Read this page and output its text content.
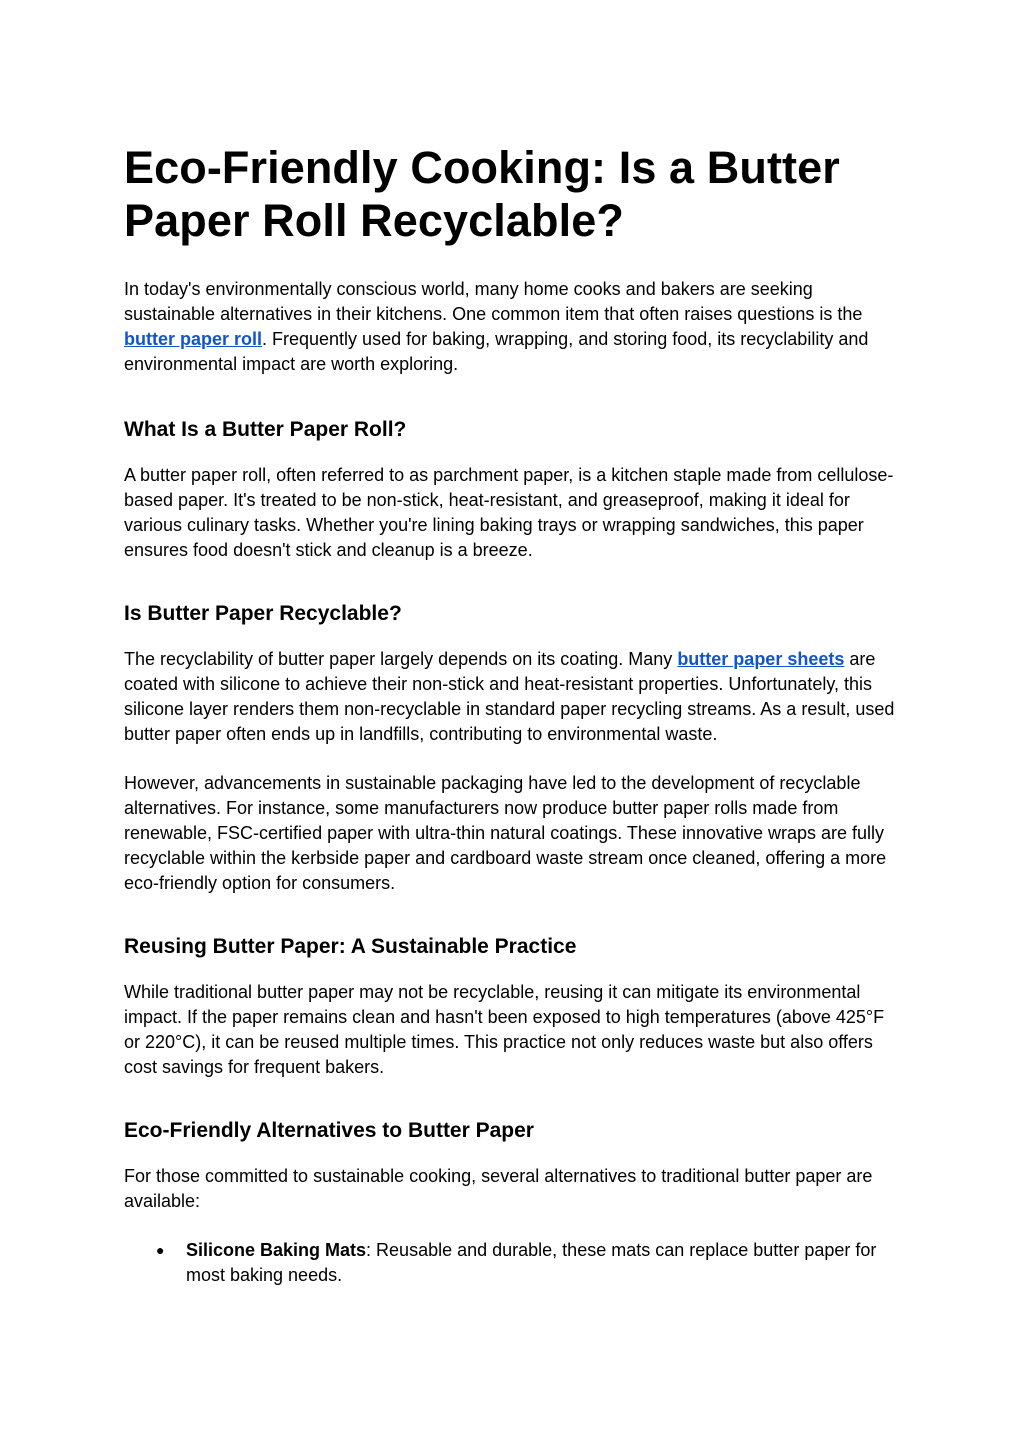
Eco-Friendly Cooking: Is a Butter Paper Roll Recyclable?

In today's environmentally conscious world, many home cooks and bakers are seeking sustainable alternatives in their kitchens. One common item that often raises questions is the butter paper roll. Frequently used for baking, wrapping, and storing food, its recyclability and environmental impact are worth exploring.

What Is a Butter Paper Roll?

A butter paper roll, often referred to as parchment paper, is a kitchen staple made from cellulose-based paper. It's treated to be non-stick, heat-resistant, and greaseproof, making it ideal for various culinary tasks. Whether you're lining baking trays or wrapping sandwiches, this paper ensures food doesn't stick and cleanup is a breeze.

Is Butter Paper Recyclable?

The recyclability of butter paper largely depends on its coating. Many butter paper sheets are coated with silicone to achieve their non-stick and heat-resistant properties. Unfortunately, this silicone layer renders them non-recyclable in standard paper recycling streams. As a result, used butter paper often ends up in landfills, contributing to environmental waste.

However, advancements in sustainable packaging have led to the development of recyclable alternatives. For instance, some manufacturers now produce butter paper rolls made from renewable, FSC-certified paper with ultra-thin natural coatings. These innovative wraps are fully recyclable within the kerbside paper and cardboard waste stream once cleaned, offering a more eco-friendly option for consumers.

Reusing Butter Paper: A Sustainable Practice

While traditional butter paper may not be recyclable, reusing it can mitigate its environmental impact. If the paper remains clean and hasn't been exposed to high temperatures (above 425°F or 220°C), it can be reused multiple times. This practice not only reduces waste but also offers cost savings for frequent bakers.

Eco-Friendly Alternatives to Butter Paper

For those committed to sustainable cooking, several alternatives to traditional butter paper are available:

● Silicone Baking Mats: Reusable and durable, these mats can replace butter paper for most baking needs.
